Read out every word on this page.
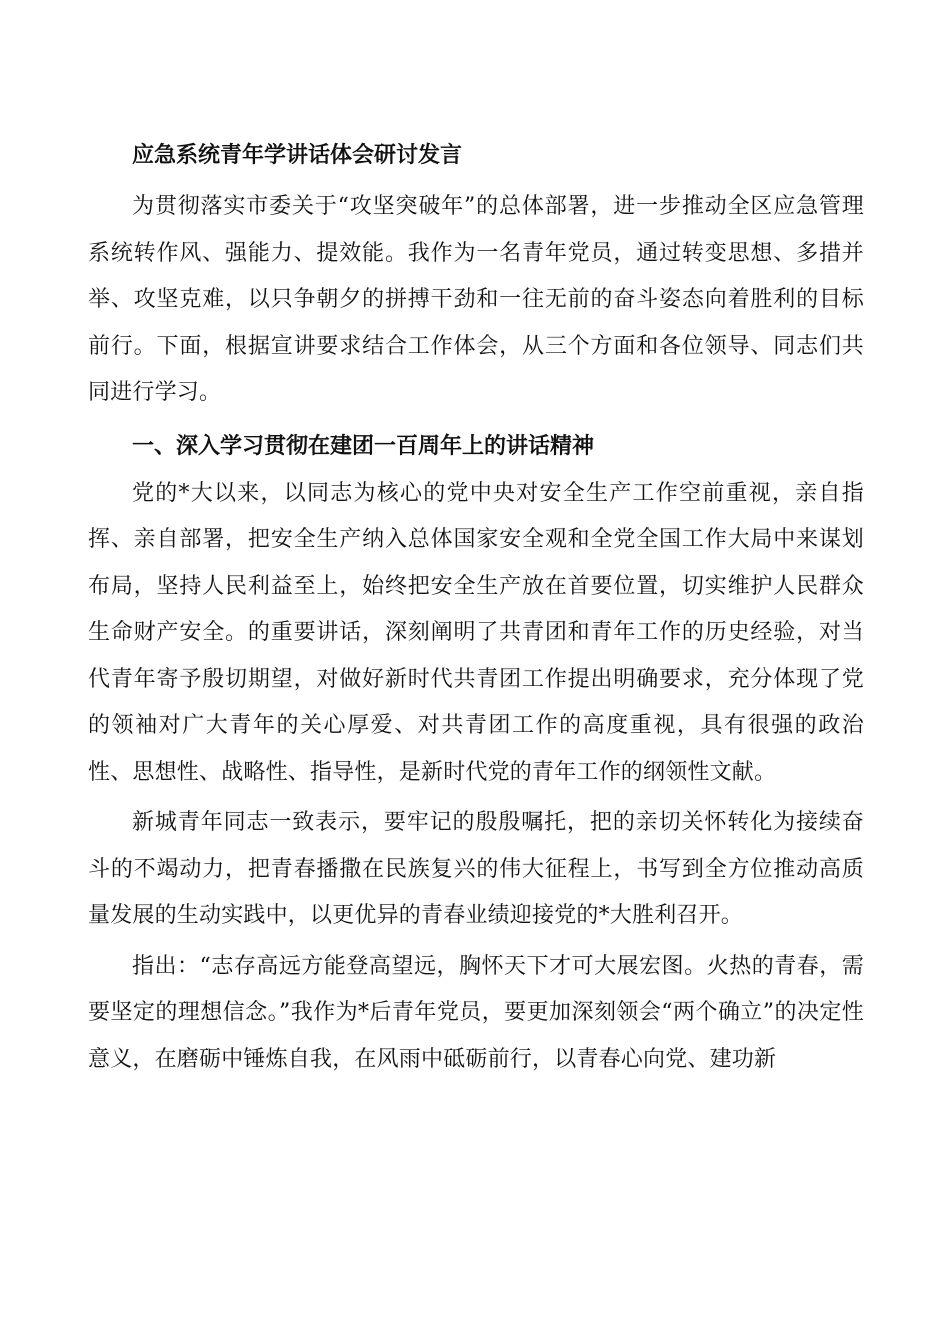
应急系统青年学讲话体会研讨发言

为贯彻落实市委关于“攻坚突破年”的总体部署，进一步推动全区应急管理系统转作风、强能力、提效能。我作为一名青年党员，通过转变思想、多措并举、攻坚克难，以只争朝夕的拼搏干劲和一往无前的奋斗姿态向着胜利的目标前行。下面，根据宣讲要求结合工作体会，从三个方面和各位领导、同志们共同进行学习。

一、深入学习贯彻在建团一百周年上的讲话精神

党的*大以来，以同志为核心的党中央对安全生产工作空前重视，亲自指挥、亲自部署，把安全生产纳入总体国家安全观和全党全国工作大局中来谋划布局，坚持人民利益至上，始终把安全生产放在首要位置，切实维护人民群众生命财产安全。的重要讲话，深刻阐明了共青团和青年工作的历史经验，对当代青年寄予殷切期望，对做好新时代共青团工作提出明确要求，充分体现了党的领袖对广大青年的关心厚爱、对共青团工作的高度重视，具有很强的政治性、思想性、战略性、指导性，是新时代党的青年工作的纲领性文献。

新城青年同志一致表示，要牢记的殷殷嘱托，把的亲切关怀转化为接续奋斗的不竭动力，把青春播撒在民族复兴的伟大征程上，书写到全方位推动高质量发展的生动实践中，以更优异的青春业绩迎接党的*大胜利召开。

指出：“志存高远方能登高望远，胸怀天下才可大展宏图。火热的青春，需要坚定的理想信念。”我作为*后青年党员，要更加深刻领会“两个确立”的决定性意义，在磨砺中锤炼自我，在风雨中砥砺前行，以青春心向党、建功新
